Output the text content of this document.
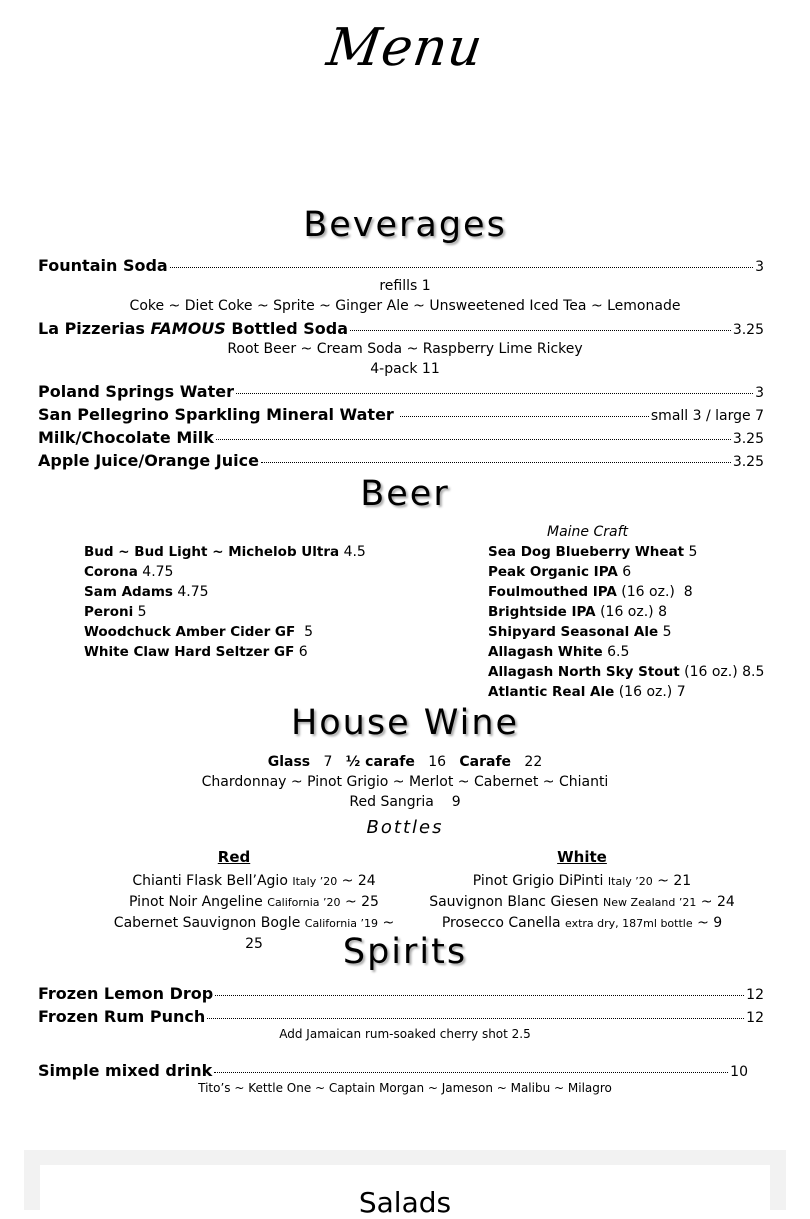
Menu
Beverages
Fountain Soda	3
refills 1
Coke ~ Diet Coke ~ Sprite ~ Ginger Ale ~ Unsweetened Iced Tea ~ Lemonade
La Pizzerias FAMOUS Bottled Soda	3.25
Root Beer ~ Cream Soda ~ Raspberry Lime Rickey
4-pack 11
Poland Springs Water	3
San Pellegrino Sparkling Mineral Water	small 3 / large 7
Milk/Chocolate Milk	3.25
Apple Juice/Orange Juice	3.25
Beer
Bud ~ Bud Light ~ Michelob Ultra 4.5
Corona 4.75
Sam Adams 4.75
Peroni 5
Woodchuck Amber Cider GF  5
White Claw Hard Seltzer GF 6
Maine Craft
Sea Dog Blueberry Wheat 5
Peak Organic IPA 6
Foulmouthed IPA (16 oz.)  8
Brightside IPA (16 oz.) 8
Shipyard Seasonal Ale 5
Allagash White 6.5
Allagash North Sky Stout (16 oz.) 8.5
Atlantic Real Ale (16 oz.) 7
House Wine
Glass 7 ½ carafe 16 Carafe 22
Chardonnay ~ Pinot Grigio ~ Merlot ~ Cabernet ~ Chianti
Red Sangria    9
Bottles
Red
Chianti Flask Bell’Agio Italy ’20 ~ 24
Pinot Noir Angeline California ’20 ~ 25
Cabernet Sauvignon Bogle California ’19 ~ 25
White
Pinot Grigio DiPinti Italy ’20 ~ 21
Sauvignon Blanc Giesen New Zealand ’21 ~ 24
Prosecco Canella extra dry, 187ml bottle ~ 9
Spirits
Frozen Lemon Drop	12
Frozen Rum Punch	12
Add Jamaican rum-soaked cherry shot 2.5
Simple mixed drink	10
Tito’s ~ Kettle One ~ Captain Morgan ~ Jameson ~ Malibu ~ Milagro
Salads
